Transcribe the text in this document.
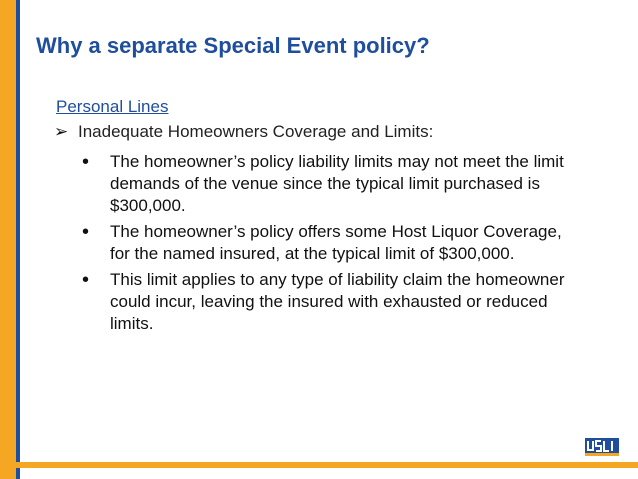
Why a separate Special Event policy?
Personal Lines
➢ Inadequate Homeowners Coverage and Limits:
•	The homeowner’s policy liability limits may not meet the limit demands of the venue since the typical limit purchased is $300,000.
•	The homeowner’s policy offers some Host Liquor Coverage, for the named insured, at the typical limit of $300,000.
•	This limit applies to any type of liability claim the homeowner could incur, leaving the insured with exhausted or reduced limits.
